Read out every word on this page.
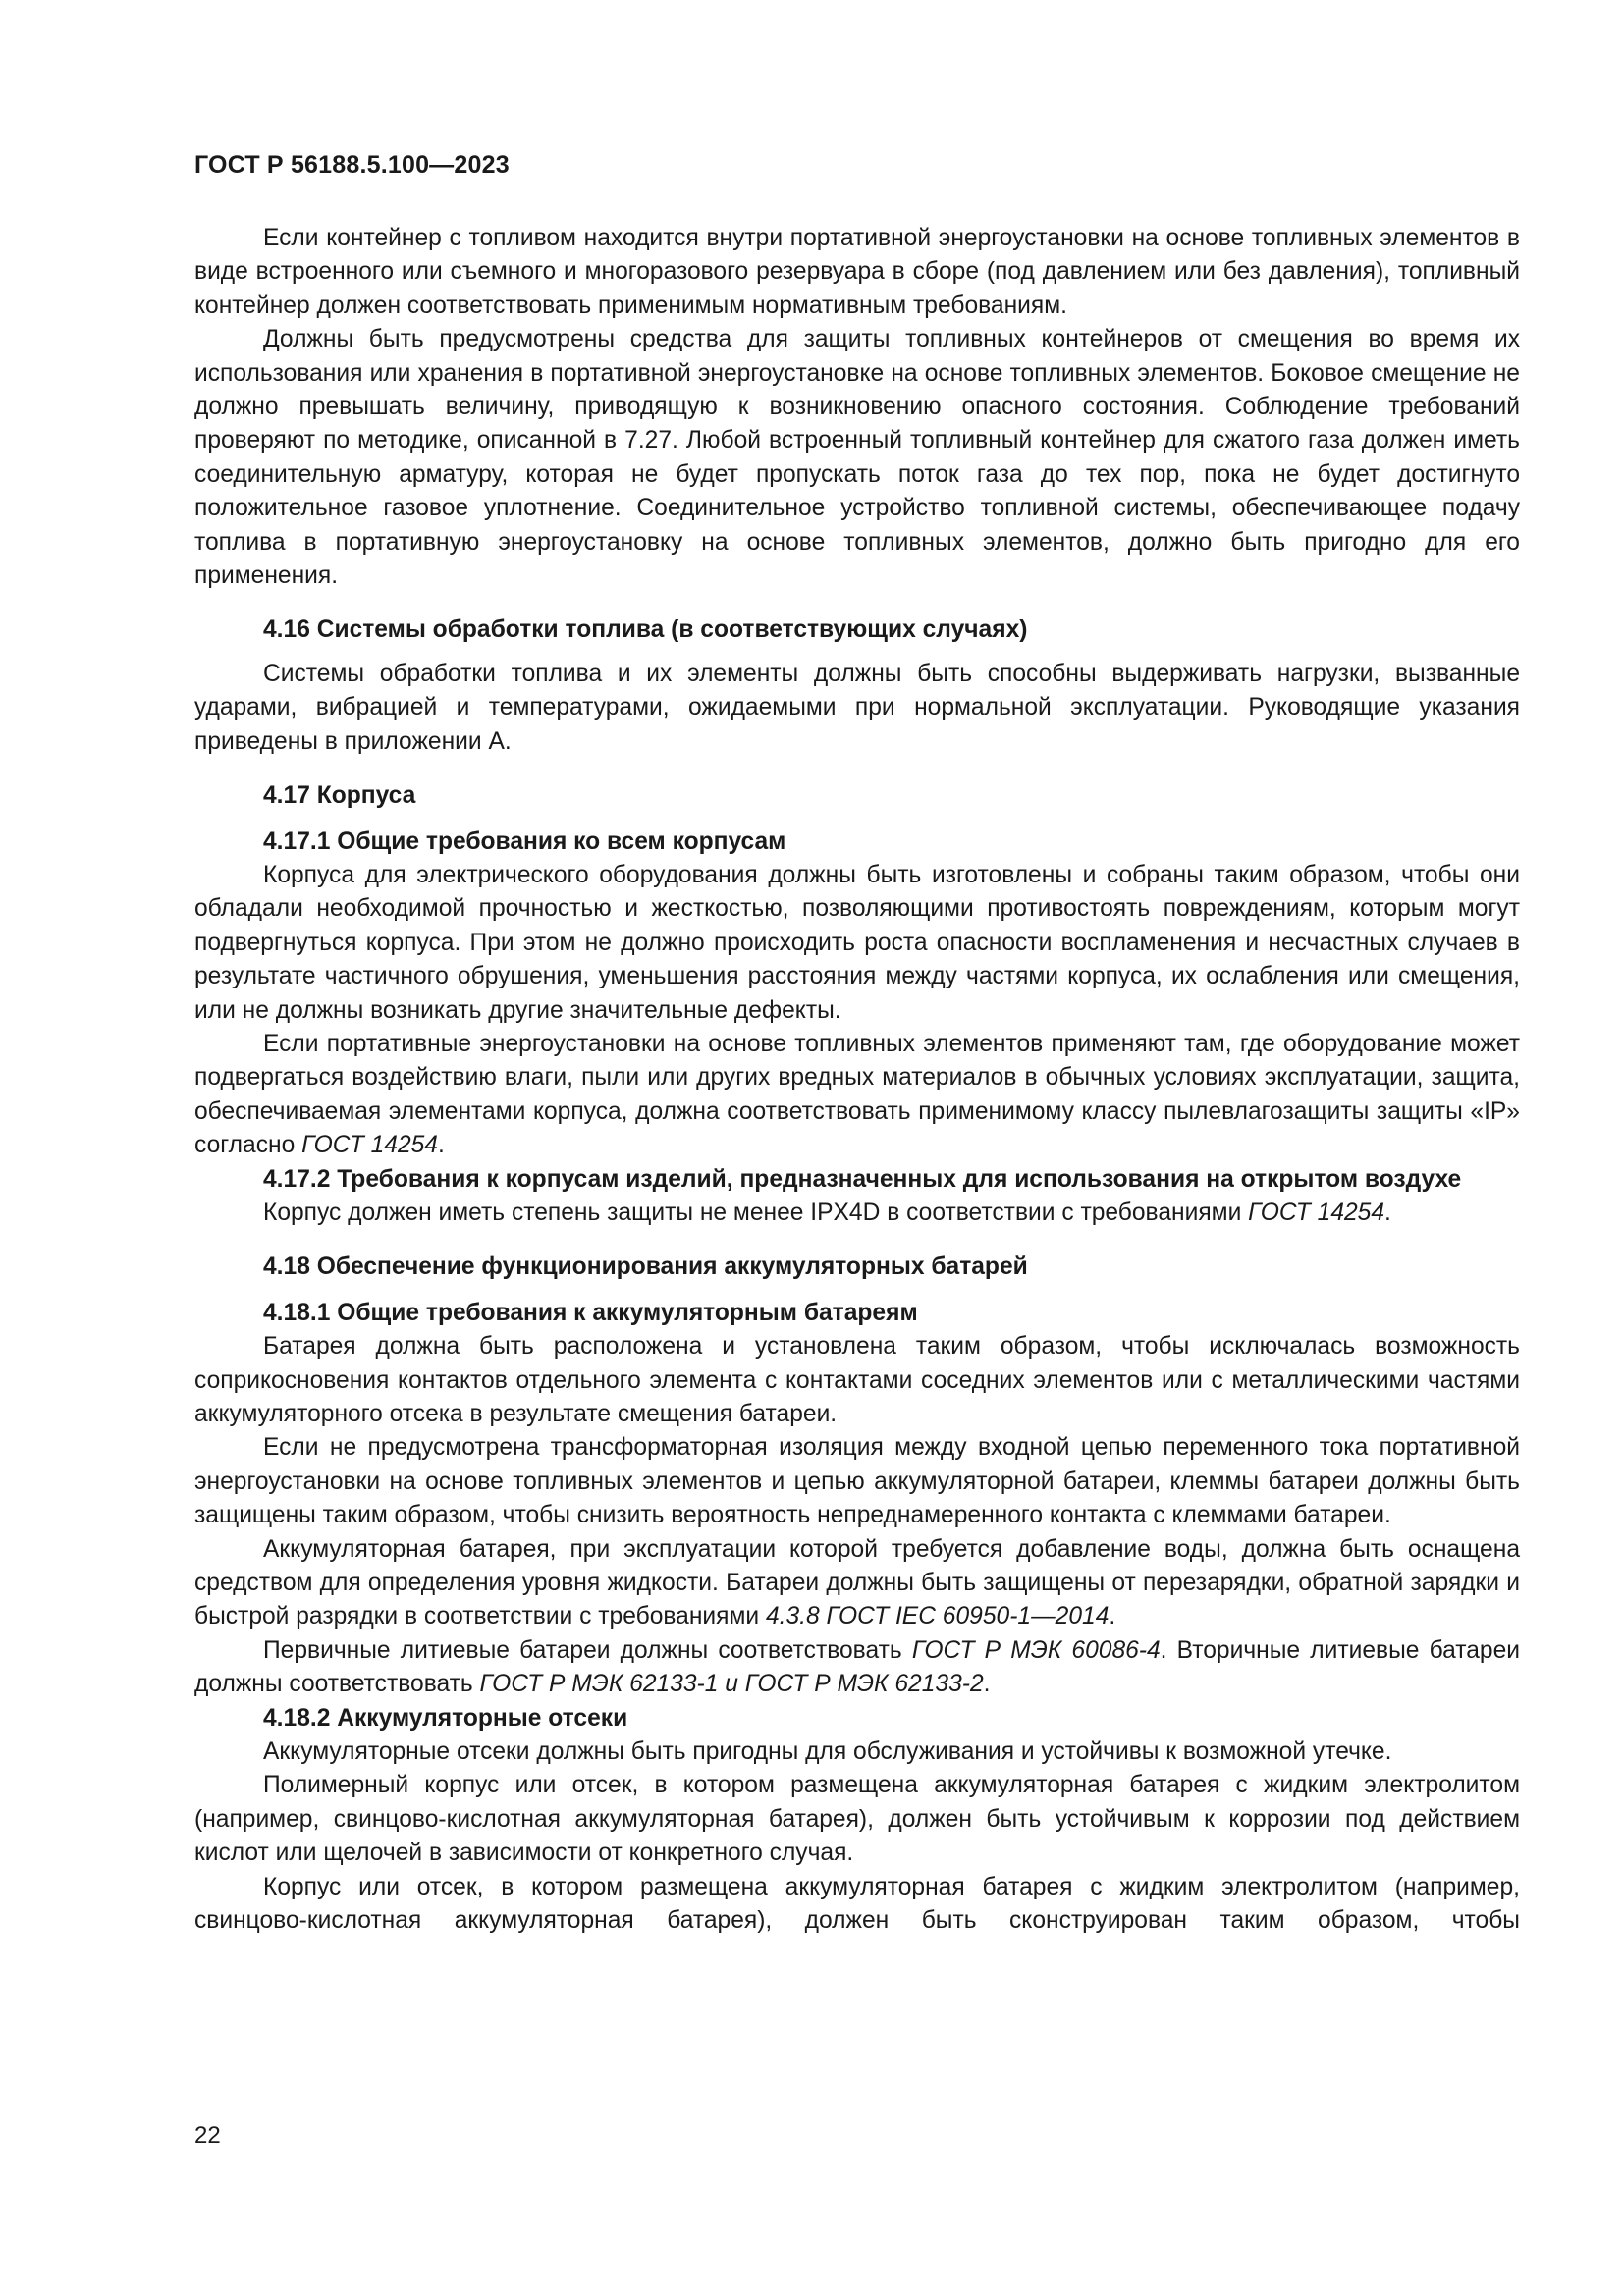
ГОСТ Р 56188.5.100—2023

Если контейнер с топливом находится внутри портативной энергоустановки на основе топливных элементов в виде встроенного или съемного и многоразового резервуара в сборе (под давлением или без давления), топливный контейнер должен соответствовать применимым нормативным требованиям.

Должны быть предусмотрены средства для защиты топливных контейнеров от смещения во время их использования или хранения в портативной энергоустановке на основе топливных элементов. Боковое смещение не должно превышать величину, приводящую к возникновению опасного состояния. Соблюдение требований проверяют по методике, описанной в 7.27. Любой встроенный топливный контейнер для сжатого газа должен иметь соединительную арматуру, которая не будет пропускать поток газа до тех пор, пока не будет достигнуто положительное газовое уплотнение. Соединительное устройство топливной системы, обеспечивающее подачу топлива в портативную энергоустановку на основе топливных элементов, должно быть пригодно для его применения.

4.16 Системы обработки топлива (в соответствующих случаях)

Системы обработки топлива и их элементы должны быть способны выдерживать нагрузки, вызванные ударами, вибрацией и температурами, ожидаемыми при нормальной эксплуатации. Руководящие указания приведены в приложении А.

4.17 Корпуса
4.17.1 Общие требования ко всем корпусам

Корпуса для электрического оборудования должны быть изготовлены и собраны таким образом, чтобы они обладали необходимой прочностью и жесткостью, позволяющими противостоять повреждениям, которым могут подвергнуться корпуса. При этом не должно происходить роста опасности воспламенения и несчастных случаев в результате частичного обрушения, уменьшения расстояния между частями корпуса, их ослабления или смещения, или не должны возникать другие значительные дефекты.

Если портативные энергоустановки на основе топливных элементов применяют там, где оборудование может подвергаться воздействию влаги, пыли или других вредных материалов в обычных условиях эксплуатации, защита, обеспечиваемая элементами корпуса, должна соответствовать применимому классу пылевлагозащиты защиты «IP» согласно ГОСТ 14254.

4.17.2 Требования к корпусам изделий, предназначенных для использования на открытом воздухе

Корпус должен иметь степень защиты не менее IPX4D в соответствии с требованиями ГОСТ 14254.

4.18 Обеспечение функционирования аккумуляторных батарей
4.18.1 Общие требования к аккумуляторным батареям

Батарея должна быть расположена и установлена таким образом, чтобы исключалась возможность соприкосновения контактов отдельного элемента с контактами соседних элементов или с металлическими частями аккумуляторного отсека в результате смещения батареи.

Если не предусмотрена трансформаторная изоляция между входной цепью переменного тока портативной энергоустановки на основе топливных элементов и цепью аккумуляторной батареи, клеммы батареи должны быть защищены таким образом, чтобы снизить вероятность непреднамеренного контакта с клеммами батареи.

Аккумуляторная батарея, при эксплуатации которой требуется добавление воды, должна быть оснащена средством для определения уровня жидкости. Батареи должны быть защищены от перезарядки, обратной зарядки и быстрой разрядки в соответствии с требованиями 4.3.8 ГОСТ IEC 60950-1—2014.

Первичные литиевые батареи должны соответствовать ГОСТ Р МЭК 60086-4. Вторичные литиевые батареи должны соответствовать ГОСТ Р МЭК 62133-1 и ГОСТ Р МЭК 62133-2.

4.18.2 Аккумуляторные отсеки

Аккумуляторные отсеки должны быть пригодны для обслуживания и устойчивы к возможной утечке.

Полимерный корпус или отсек, в котором размещена аккумуляторная батарея с жидким электролитом (например, свинцово-кислотная аккумуляторная батарея), должен быть устойчивым к коррозии под действием кислот или щелочей в зависимости от конкретного случая.

Корпус или отсек, в котором размещена аккумуляторная батарея с жидким электролитом (например, свинцово-кислотная аккумуляторная батарея), должен быть сконструирован таким образом, чтобы

22
